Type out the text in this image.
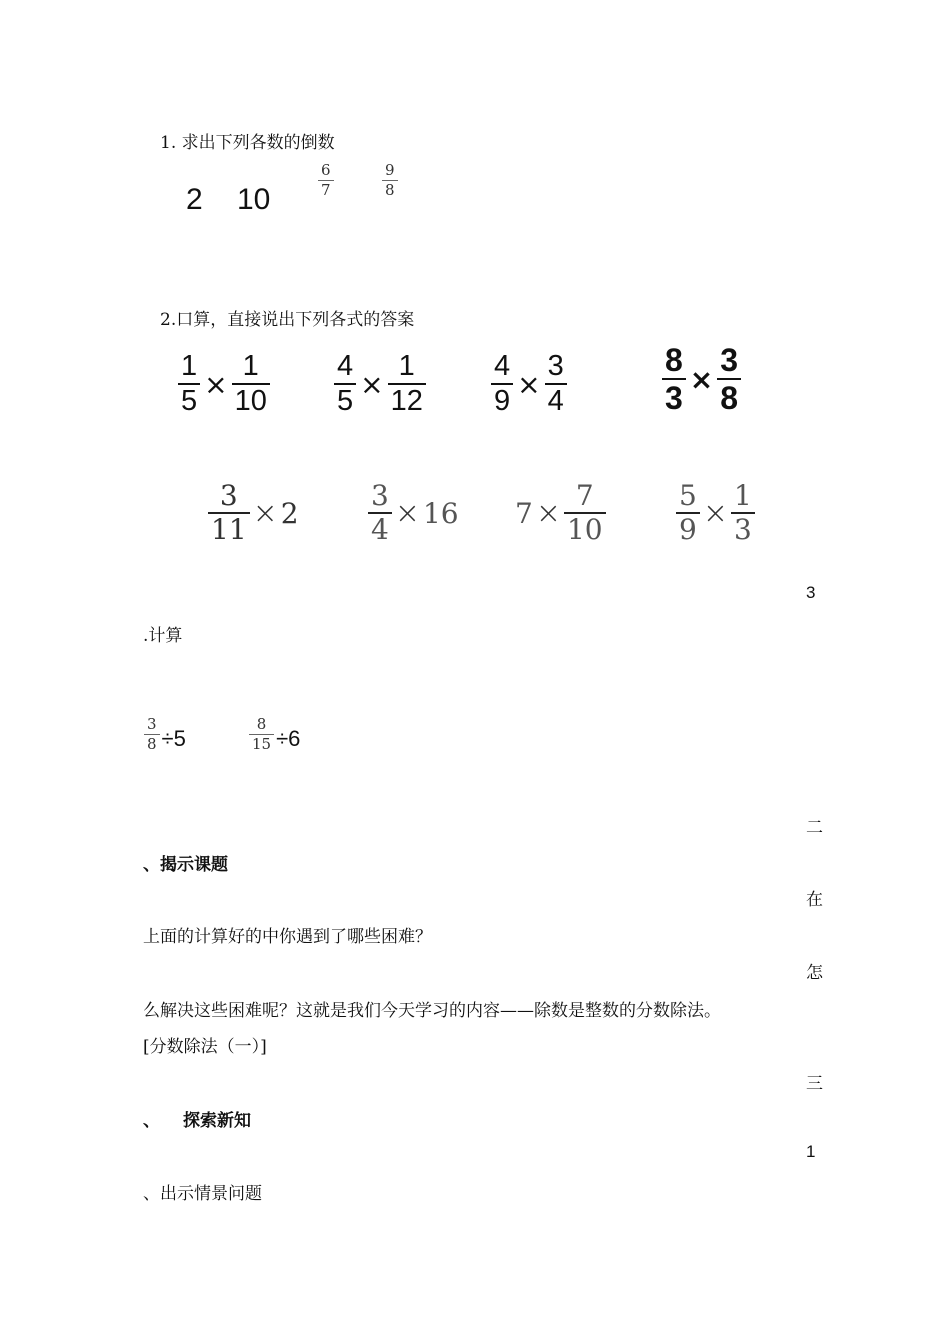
1. 求出下列各数的倒数
2 10
$\frac{6}{7}$	$\frac{9}{8}$
2.口算，直接说出下列各式的答案
$\frac{1}{5} \times \frac{1}{10} \frac{4}{5} \times \frac{1}{12} \frac{4}{9} \times \frac{3}{4}$	$\frac{8}{3} \times \frac{3}{8}$
$\frac{3}{11} \times 2 \frac{3}{4} \times 16$ $7 \times \frac{7}{10}$	$\frac{5}{9} \times \frac{1}{3}$
3
.计算
$\frac{3}{8} \div 5$	$\frac{8}{15} \div 6$
二
、揭示课题
在
上面的计算好的中你遇到了哪些困难？
怎
么解决这些困难呢？这就是我们今天学习的内容——除数是整数的分数除法。
[分数除法（一）]
三
、 探索新知
1
、出示情景问题
